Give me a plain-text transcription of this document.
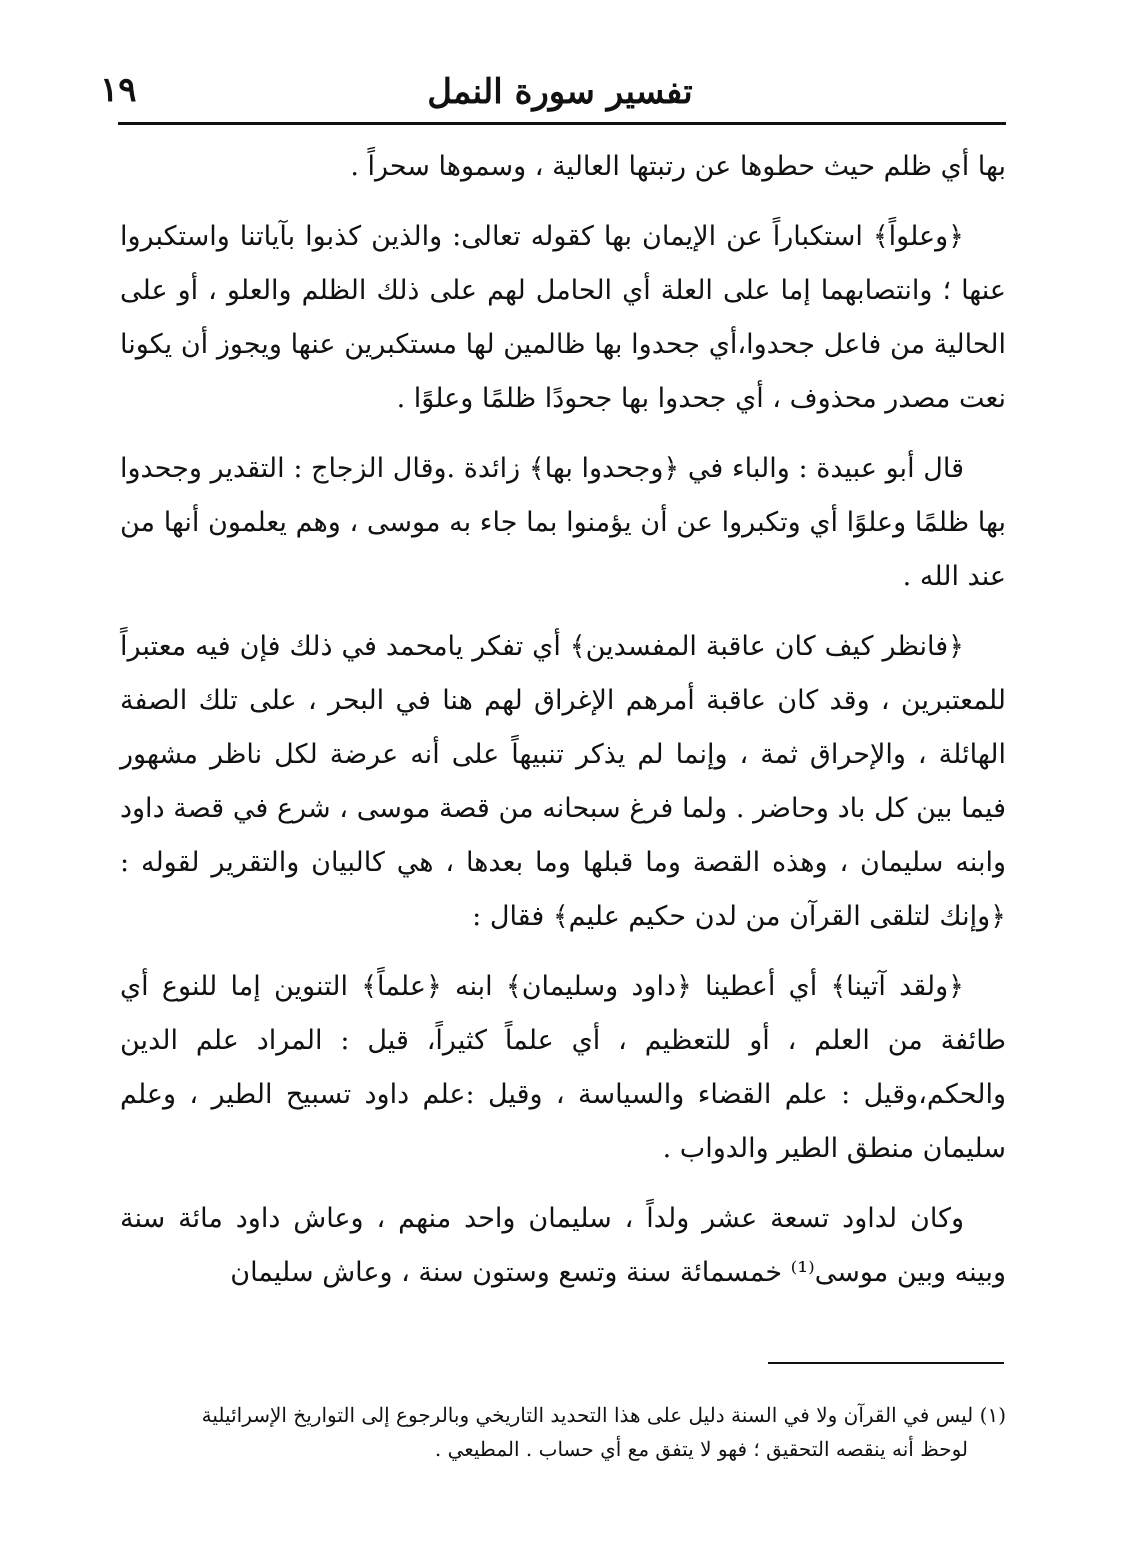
١٩	تفسير سورة النمل

بها أي ظلم حيث حطوها عن رتبتها العالية ، وسموها سحراً .

﴿وعلواً﴾ استكباراً عن الإيمان بها كقوله تعالى: والذين كذبوا بآياتنا واستكبروا عنها ؛ وانتصابهما إما على العلة أي الحامل لهم على ذلك الظلم والعلو ، أو على الحالية من فاعل جحدوا،أي جحدوا بها ظالمين لها مستكبرين عنها ويجوز أن يكونا نعت مصدر محذوف ، أي جحدوا بها جحودًا ظلمًا وعلوًا .

قال أبو عبيدة : والباء في ﴿وجحدوا بها﴾ زائدة .وقال الزجاج : التقدير وجحدوا بها ظلمًا وعلوًا أي وتكبروا عن أن يؤمنوا بما جاء به موسى ، وهم يعلمون أنها من عند الله .

﴿فانظر كيف كان عاقبة المفسدين﴾ أي تفكر يامحمد في ذلك فإن فيه معتبراً للمعتبرين ، وقد كان عاقبة أمرهم الإغراق لهم هنا في البحر ، على تلك الصفة الهائلة ، والإحراق ثمة ، وإنما لم يذكر تنبيهاً على أنه عرضة لكل ناظر مشهور فيما بين كل باد وحاضر . ولما فرغ سبحانه من قصة موسى ، شرع في قصة داود وابنه سليمان ، وهذه القصة وما قبلها وما بعدها ، هي كالبيان والتقرير لقوله : ﴿وإنك لتلقى القرآن من لدن حكيم عليم﴾ فقال :

﴿ولقد آتينا﴾ أي أعطينا ﴿داود وسليمان﴾ ابنه ﴿علماً﴾ التنوين إما للنوع أي طائفة من العلم ، أو للتعظيم ، أي علماً كثيراً، قيل : المراد علم الدين والحكم،وقيل : علم القضاء والسياسة ، وقيل :علم داود تسبيح الطير ، وعلم سليمان منطق الطير والدواب .

وكان لداود تسعة عشر ولداً ، سليمان واحد منهم ، وعاش داود مائة سنة وبينه وبين موسى⁽¹⁾ خمسمائة سنة وتسع وستون سنة ، وعاش سليمان

(١) ليس في القرآن ولا في السنة دليل على هذا التحديد التاريخي وبالرجوع إلى التواريخ الإسرائيلية
لوحظ أنه ينقصه التحقيق ؛ فهو لا يتفق مع أي حساب . المطيعي .
